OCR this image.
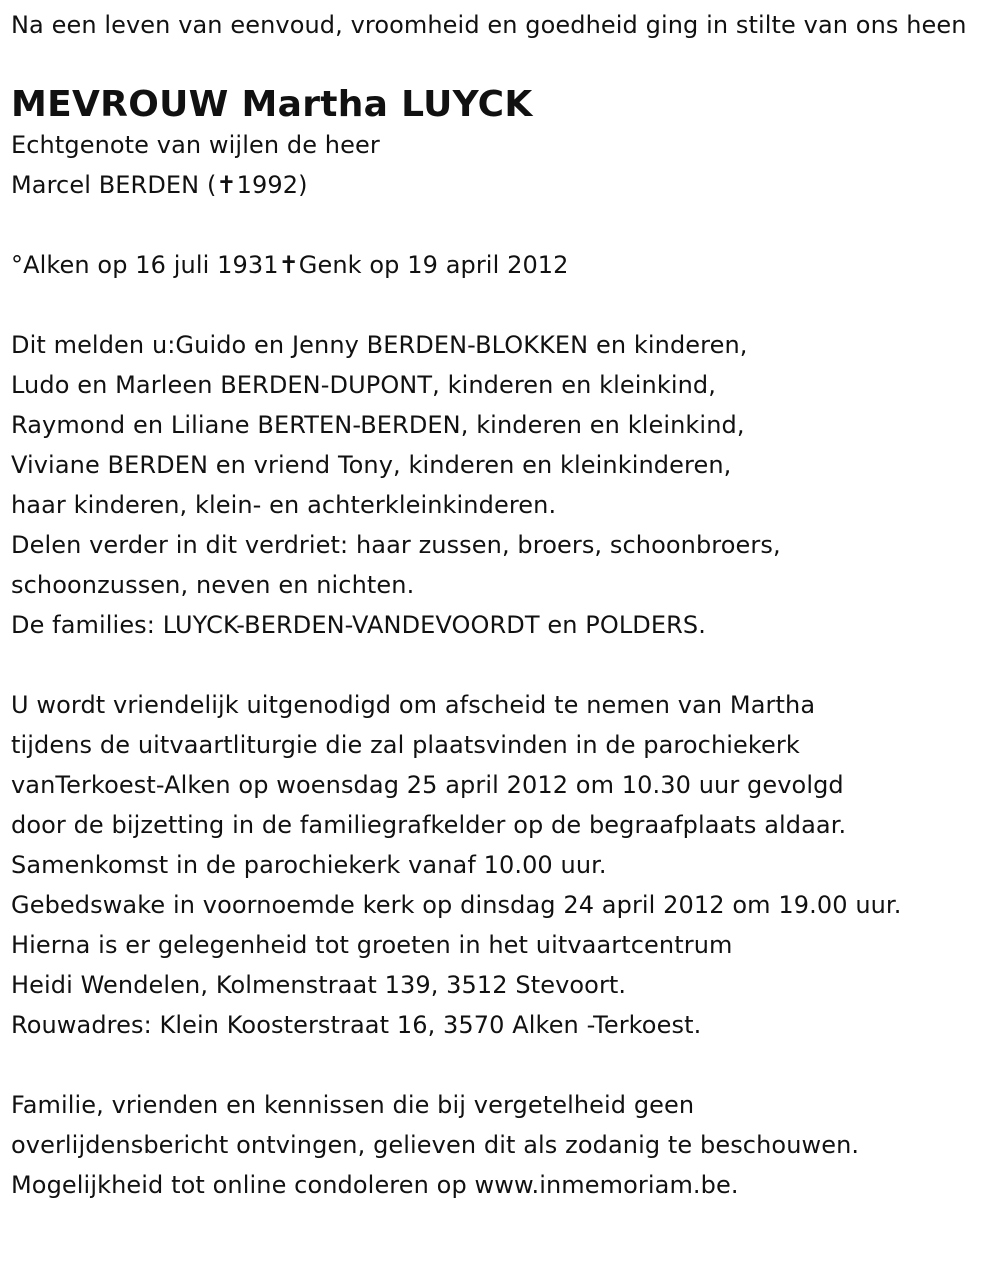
Na een leven van eenvoud, vroomheid en goedheid ging in stilte van ons heen
MEVROUW Martha LUYCK
Echtgenote van wijlen de heer
Marcel BERDEN (✝1992)
°Alken op 16 juli 1931✝Genk op 19 april 2012
Dit melden u:Guido en Jenny BERDEN-BLOKKEN en kinderen,
Ludo en Marleen BERDEN-DUPONT, kinderen en kleinkind,
Raymond en Liliane BERTEN-BERDEN, kinderen en kleinkind,
Viviane BERDEN en vriend Tony, kinderen en kleinkinderen,
haar kinderen, klein- en achterkleinkinderen.
Delen verder in dit verdriet: haar zussen, broers, schoonbroers,
schoonzussen, neven en nichten.
De families: LUYCK-BERDEN-VANDEVOORDT en POLDERS.
U wordt vriendelijk uitgenodigd om afscheid te nemen van Martha
tijdens de uitvaartliturgie die zal plaatsvinden in de parochiekerk
vanTerkoest-Alken op woensdag 25 april 2012 om 10.30 uur gevolgd
door de bijzetting in de familiegrafkelder op de begraafplaats aldaar.
Samenkomst in de parochiekerk vanaf 10.00 uur.
Gebedswake in voornoemde kerk op dinsdag 24 april 2012 om 19.00 uur.
Hierna is er gelegenheid tot groeten in het uitvaartcentrum
Heidi Wendelen, Kolmenstraat 139, 3512 Stevoort.
Rouwadres: Klein Koosterstraat 16, 3570 Alken -Terkoest.
Familie, vrienden en kennissen die bij vergetelheid geen
overlijdensbericht ontvingen, gelieven dit als zodanig te beschouwen.
Mogelijkheid tot online condoleren op www.inmemoriam.be.
